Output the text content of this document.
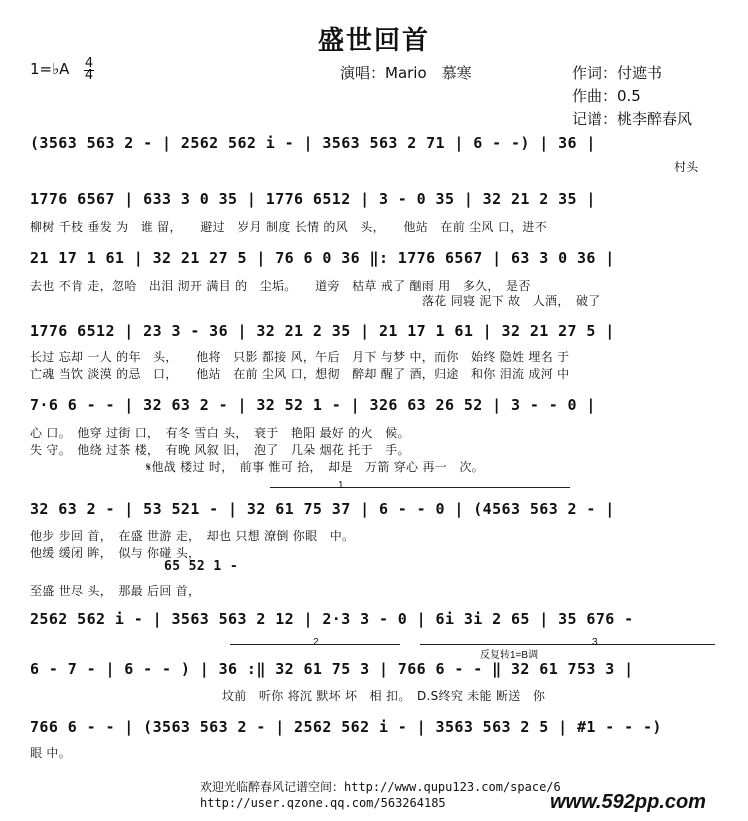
盛世回首
1=♭A 4
4	演唱：Mario　慕寒	作词：付遮书
作曲：0.5
记谱：桃李醉春风
(3563 563 2 - | 2562 562 i - | 3563 563 2 71 | 6 - -) | 36 |
村头
1776 6567 | 633 3 0 35 | 1776 6512 | 3 - 0 35 | 32 21 2 35 |
柳树 千枝 垂发 为　谁 留，　　避过　岁月 制度 长情 的风　头，　　他站　在前 尘风 口，进不
21 17 1 61 | 32 21 27 5 | 76 6 0 36 ‖: 1776 6567 | 63 3 0 36 |
去也 不肯 走，忽哈　出泪 沏开 满目 的　尘垢。　　道旁　枯草 戒了 酗雨 用　多久，　是否
落花 同寝 泥下 故　人酒，　破了
1776 6512 | 23 3 - 36 | 32 21 2 35 | 21 17 1 61 | 32 21 27 5 |
长过 忘却 一人 的年　头，　　他将　只影 都接 风，午后　月下 与梦 中，而你　始终 隐姓 埋名 于
亡魂 当饮 淡漠 的忌　口，　　他站　在前 尘风 口，想彻　醉却 醒了 酒，归途　和你 泪流 成河 中
7·6 6 - - | 32 63 2 - | 32 52 1 - | 326 63 26 52 | 3 - - 0 |
心 口。　他穿 过街 口，　有冬 雪白 头，　衰于　艳阳 最好 的火　候。
失 守。　他绕 过茶 楼，　有晚 风叙 旧，　泡了　几朵 烟花 托于　手。
𝄋他战 楼过 时，　前事 惟可 拾，　却是　万箭 穿心 再一　次。
1
32 63 2 - | 53 521 - | 32 61 75 37 | 6 - - 0 | (4563 563 2 - |
他步 步回 首，　在盛 世游 走，　却也 只想 潦倒 你眼　中。
他缓 缓闭 眸，　似与 你碰 头，
65 52 1 -
至盛 世尽 头，　那最 后回 首，
2562 562 i - | 3563 563 2 12 | 2·3 3 - 0 | 6i 3i 2 65 | 35 676 -
2
反复转1=B调
3
6 - 7 - | 6 - - ) | 36 :‖ 32 61 75 3 | 766 6 - - ‖ 32 61 753 3 |
坟前　听你 将沉 默坏 坏　相 扣。　D.S终究 未能 断送　你
766 6 - - | (3563 563 2 - | 2562 562 i - | 3563 563 2 5 | #1 - - -)
眼 中。
欢迎光临醉春风记谱空间：http://www.qupu123.com/space/6
http://user.qzone.qq.com/563264185	www.592pp.com
